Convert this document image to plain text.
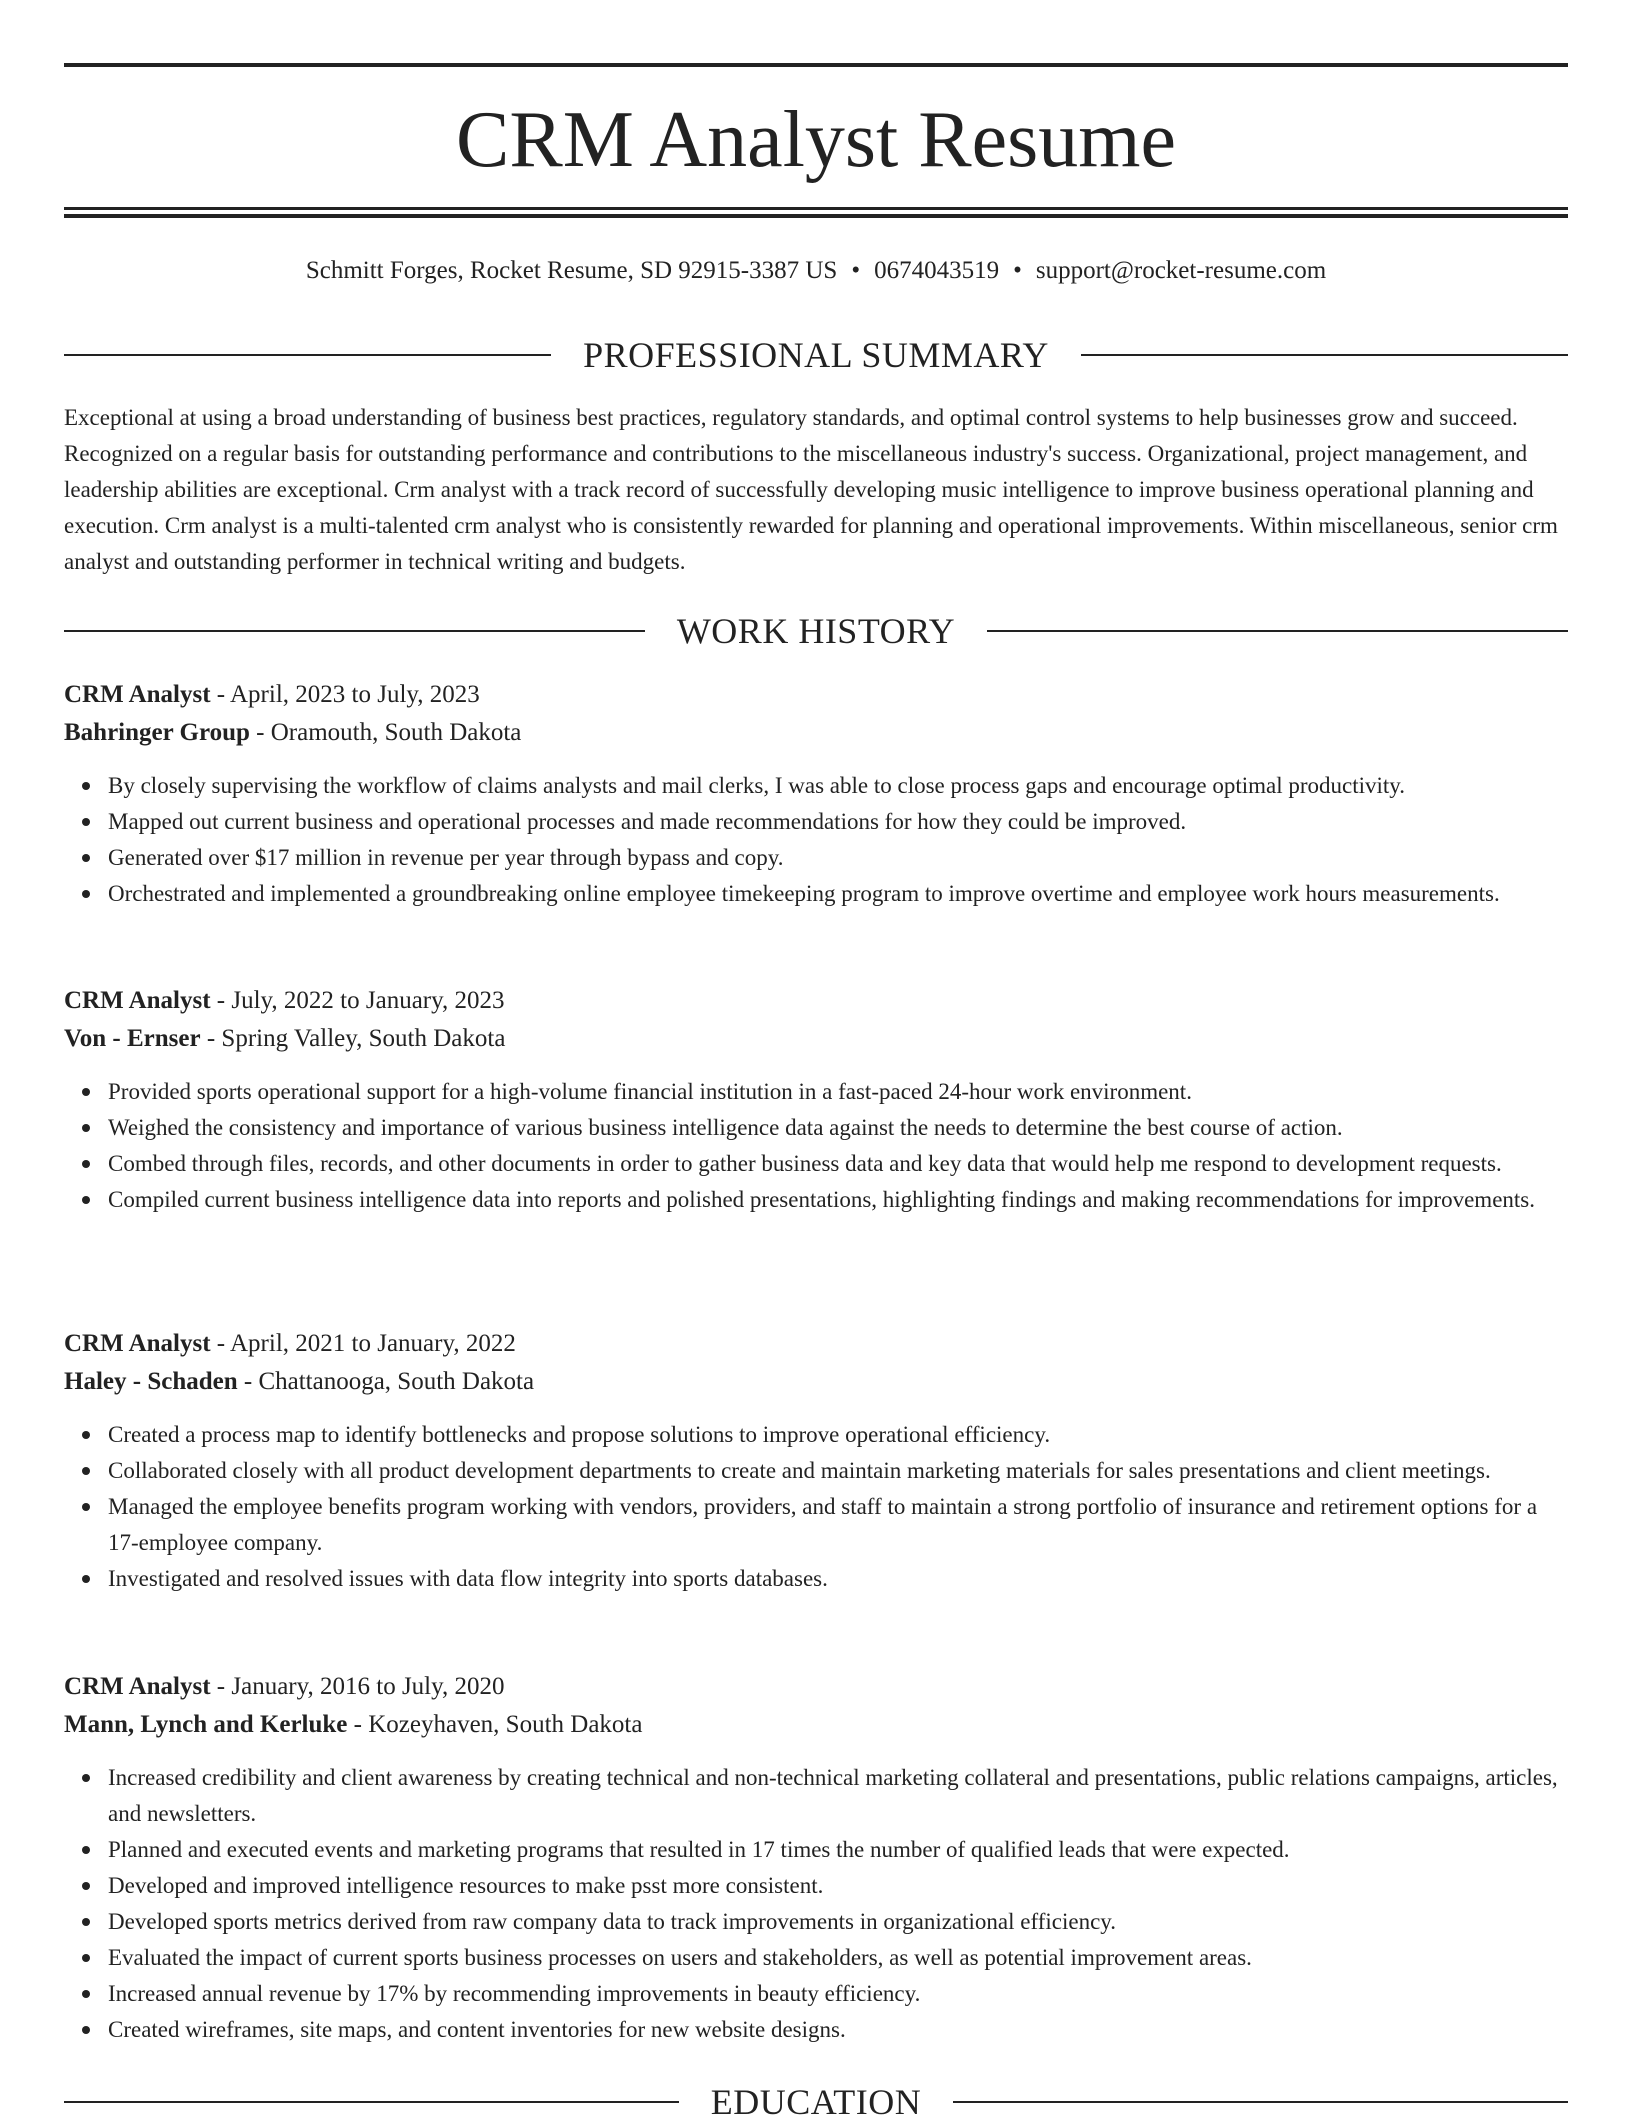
CRM Analyst Resume
Schmitt Forges, Rocket Resume, SD 92915-3387 US • 0674043519 • support@rocket-resume.com
PROFESSIONAL SUMMARY

Exceptional at using a broad understanding of business best practices, regulatory standards, and optimal control systems to help businesses grow and succeed. Recognized on a regular basis for outstanding performance and contributions to the miscellaneous industry's success. Organizational, project management, and leadership abilities are exceptional. Crm analyst with a track record of successfully developing music intelligence to improve business operational planning and execution. Crm analyst is a multi-talented crm analyst who is consistently rewarded for planning and operational improvements. Within miscellaneous, senior crm analyst and outstanding performer in technical writing and budgets.

WORK HISTORY
CRM Analyst - April, 2023 to July, 2023
Bahringer Group - Oramouth, South Dakota
By closely supervising the workflow of claims analysts and mail clerks, I was able to close process gaps and encourage optimal productivity.
Mapped out current business and operational processes and made recommendations for how they could be improved.
Generated over $17 million in revenue per year through bypass and copy.
Orchestrated and implemented a groundbreaking online employee timekeeping program to improve overtime and employee work hours measurements.
CRM Analyst - July, 2022 to January, 2023
Von - Ernser - Spring Valley, South Dakota
Provided sports operational support for a high-volume financial institution in a fast-paced 24-hour work environment.
Weighed the consistency and importance of various business intelligence data against the needs to determine the best course of action.
Combed through files, records, and other documents in order to gather business data and key data that would help me respond to development requests.
Compiled current business intelligence data into reports and polished presentations, highlighting findings and making recommendations for improvements.
CRM Analyst - April, 2021 to January, 2022
Haley - Schaden - Chattanooga, South Dakota
Created a process map to identify bottlenecks and propose solutions to improve operational efficiency.
Collaborated closely with all product development departments to create and maintain marketing materials for sales presentations and client meetings.
Managed the employee benefits program working with vendors, providers, and staff to maintain a strong portfolio of insurance and retirement options for a 17-employee company.
Investigated and resolved issues with data flow integrity into sports databases.
CRM Analyst - January, 2016 to July, 2020
Mann, Lynch and Kerluke - Kozeyhaven, South Dakota
Increased credibility and client awareness by creating technical and non-technical marketing collateral and presentations, public relations campaigns, articles, and newsletters.
Planned and executed events and marketing programs that resulted in 17 times the number of qualified leads that were expected.
Developed and improved intelligence resources to make psst more consistent.
Developed sports metrics derived from raw company data to track improvements in organizational efficiency.
Evaluated the impact of current sports business processes on users and stakeholders, as well as potential improvement areas.
Increased annual revenue by 17% by recommending improvements in beauty efficiency.
Created wireframes, site maps, and content inventories for new website designs.
EDUCATION
